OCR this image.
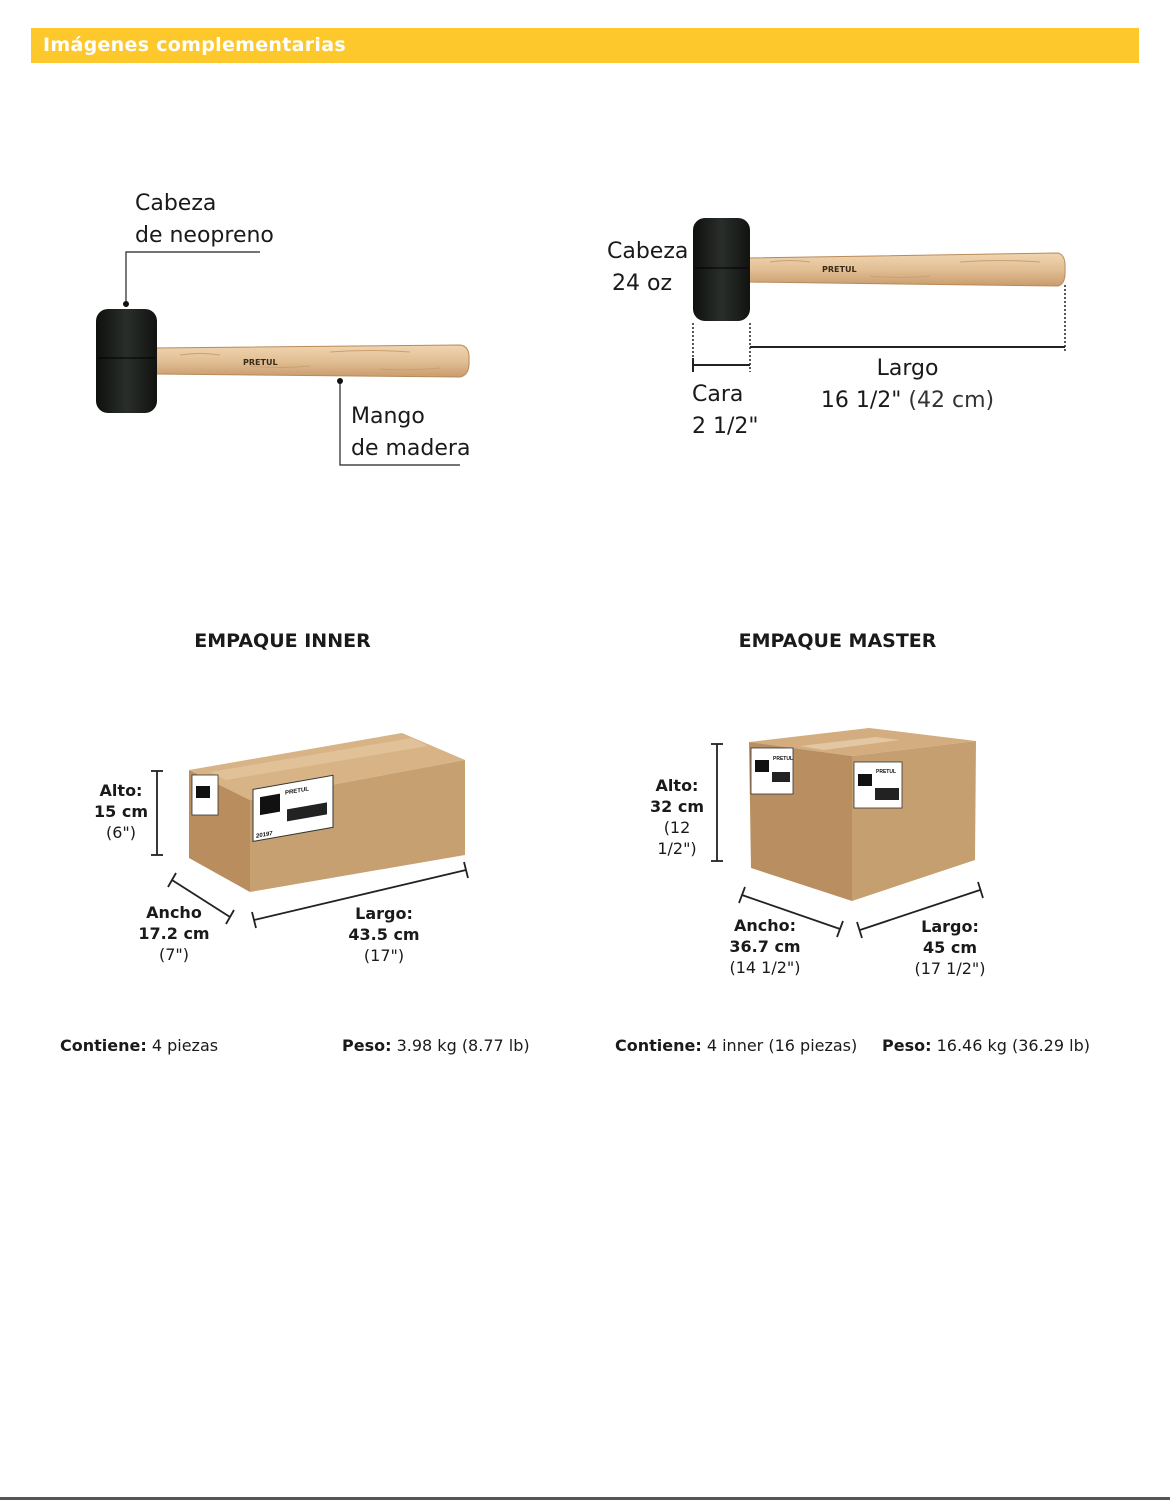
Imágenes complementarias
PRETUL
PRETUL
PRETUL
20197
PRETUL
PRETUL
Cabeza
de neopreno
Mango
de madera
Cabeza
24 oz
Cara
2 1/2"
Largo
16 1/2" (42 cm)
EMPAQUE INNER	EMPAQUE MASTER
Alto:
15 cm
(6")
Ancho
17.2 cm
(7")
Largo:
43.5 cm
(17")
Alto:
32 cm
(12 1/2")
Ancho:
36.7 cm
(14 1/2")
Largo:
45 cm
(17 1/2")
Contiene: 4 piezas	Peso: 3.98 kg (8.77 lb)	Contiene: 4 inner (16 piezas) Peso: 16.46 kg (36.29 lb)
